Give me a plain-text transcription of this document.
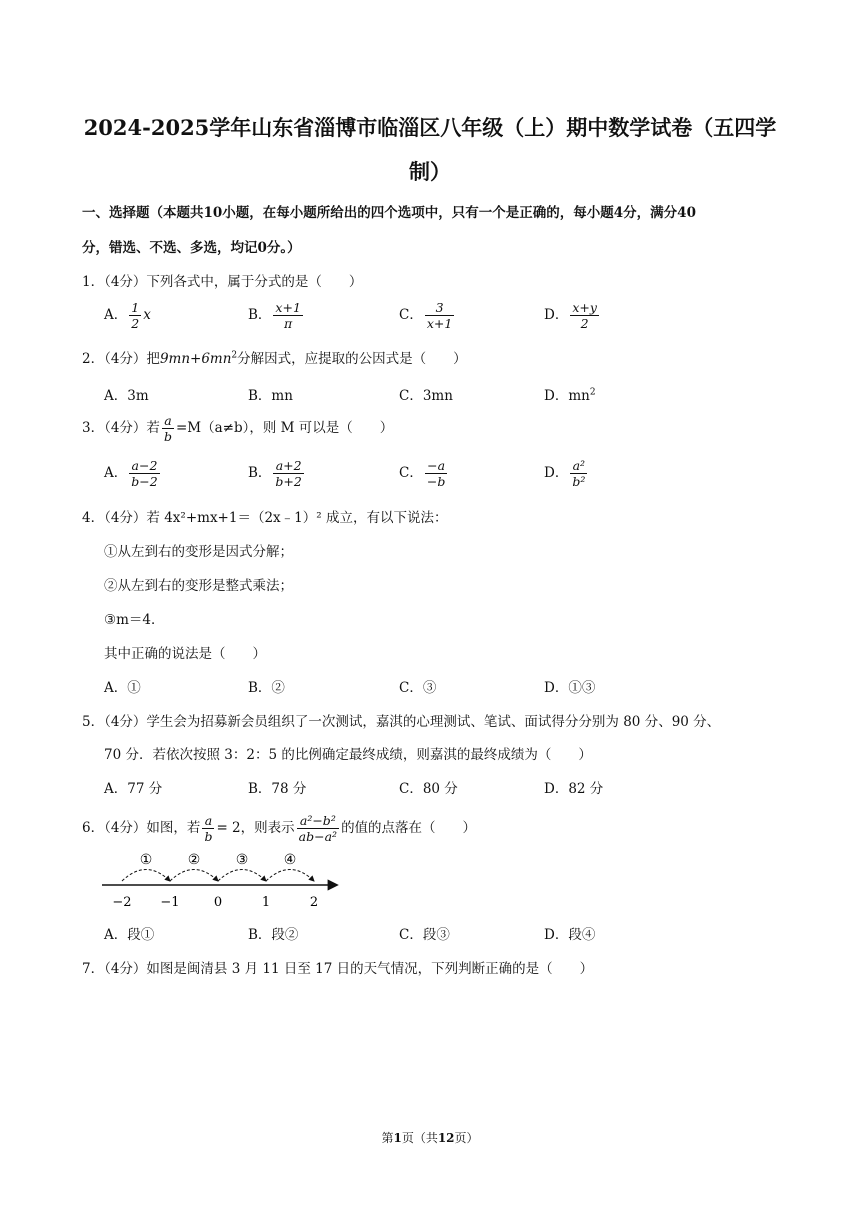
2024-2025学年山东省淄博市临淄区八年级（上）期中数学试卷（五四学
制）
一、选择题（本题共10小题，在每小题所给出的四个选项中，只有一个是正确的，每小题4分，满分40
分，错选、不选、多选，均记0分。）
1．（4分）下列各式中，属于分式的是（　　）
A． $\frac{1}{2}$ x	B． $\frac{x+1}{\pi}$	C． $\frac{3}{x+1}$	D． $\frac{x+y}{2}$
2．（4分）把$9mn+6mn^2$分解因式，应提取的公因式是（　　）
A．3m	B．mn	C．3mn	D．$mn^2$
3．（4分）若 $\frac{a}{b} =M(a\ne b)$，则 M 可以是（　　）
A． $\frac{a-2}{b-2}$	B． $\frac{a+2}{b+2}$	C． $\frac{-a}{-b}$	D． $\frac{\text{a²}}{\text{b²}}$
4．（4分）若 4x²+mx+1＝（2x﹣1）² 成立，有以下说法：
①从左到右的变形是因式分解；
②从左到右的变形是整式乘法；
③m＝4．
其中正确的说法是（　　）
A．①	B．②	C．③	D．①③
5．（4分）学生会为招募新会员组织了一次测试，嘉淇的心理测试、笔试、面试得分分别为 80 分、90 分、
70 分．若依次按照 3：2：5 的比例确定最终成绩，则嘉淇的最终成绩为（　　）
A．77 分	B．78 分	C．80 分	D．82 分
6．（4分）如图，若 $\frac{a}{b} = 2$，则表示 $\frac{\text{a²−b²}}{\text{ab−a²}}$ 的值的点落在（　　）
①	②	③	④
−2 −1	0	1	2
A．段①	B．段②	C．段③	D．段④
7．（4分）如图是闽清县 3 月 11 日至 17 日的天气情况，下列判断正确的是（　　）
第1页（共12页）
